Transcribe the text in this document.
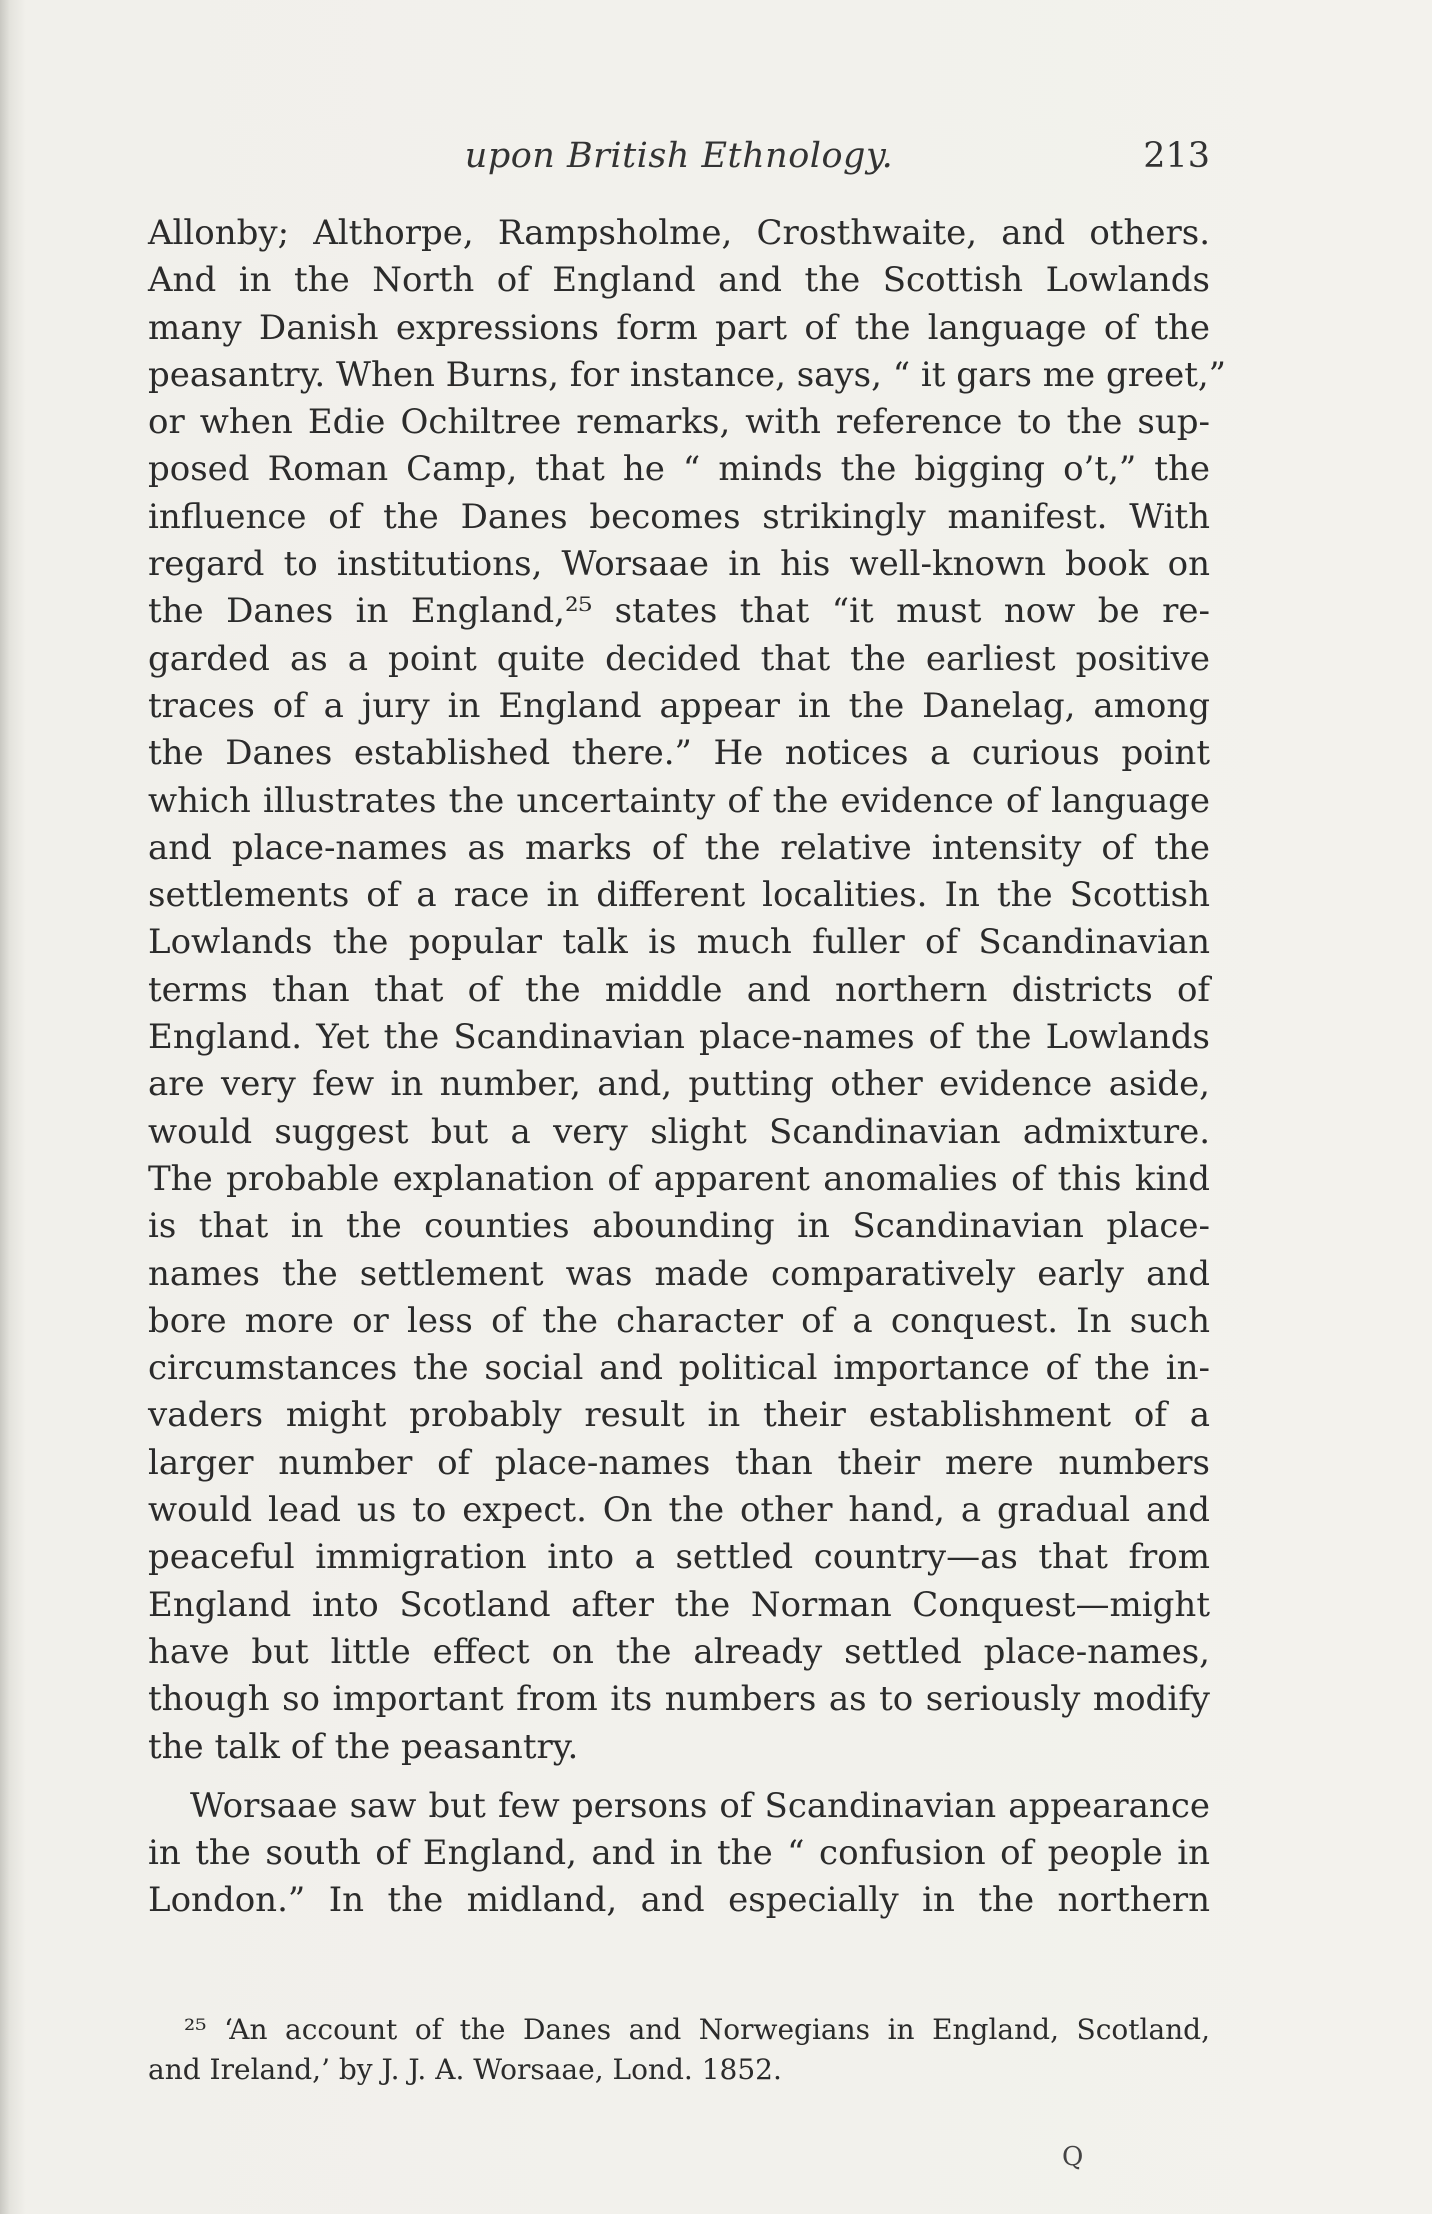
upon British Ethnology.	213
Allonby; Althorpe, Rampsholme, Crosthwaite, and others.
And in the North of England and the Scottish Lowlands
many Danish expressions form part of the language of the
peasantry. When Burns, for instance, says, “ it gars me greet,”
or when Edie Ochiltree remarks, with reference to the sup-
posed Roman Camp, that he “ minds the bigging o’t,” the
influence of the Danes becomes strikingly manifest. With
regard to institutions, Worsaae in his well-known book on
the Danes in England,²⁵ states that “it must now be re-
garded as a point quite decided that the earliest positive
traces of a jury in England appear in the Danelag, among
the Danes established there.” He notices a curious point
which illustrates the uncertainty of the evidence of language
and place-names as marks of the relative intensity of the
settlements of a race in different localities. In the Scottish
Lowlands the popular talk is much fuller of Scandinavian
terms than that of the middle and northern districts of
England. Yet the Scandinavian place-names of the Lowlands
are very few in number, and, putting other evidence aside,
would suggest but a very slight Scandinavian admixture.
The probable explanation of apparent anomalies of this kind
is that in the counties abounding in Scandinavian place-
names the settlement was made comparatively early and
bore more or less of the character of a conquest. In such
circumstances the social and political importance of the in-
vaders might probably result in their establishment of a
larger number of place-names than their mere numbers
would lead us to expect. On the other hand, a gradual and
peaceful immigration into a settled country—as that from
England into Scotland after the Norman Conquest—might
have but little effect on the already settled place-names,
though so important from its numbers as to seriously modify
the talk of the peasantry.
Worsaae saw but few persons of Scandinavian appearance
in the south of England, and in the “ confusion of people in
London.” In the midland, and especially in the northern
²⁵ ‘An account of the Danes and Norwegians in England, Scotland,
and Ireland,’ by J. J. A. Worsaae, Lond. 1852.
Q
